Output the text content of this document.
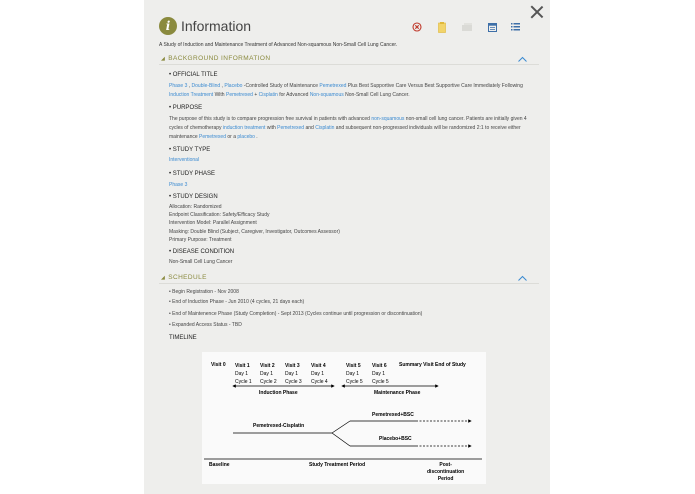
i Information
A Study of Induction and Maintenance Treatment of Advanced Non-squamous Non-Small Cell Lung Cancer.
◢ BACKGROUND INFORMATION
• OFFICIAL TITLE
Phase 3 , Double-Blind , Placebo -Controlled Study of Maintenance Pemetrexed Plus Best Supportive Care Versus Best Supportive Care Immediately Following Induction Treatment With Pemetrexed + Cisplatin for Advanced Non-squamous Non-Small Cell Lung Cancer.
• PURPOSE
The purpose of this study is to compare progression free survival in patients with advanced non-squamous non-small cell lung cancer. Patients are initially given 4 cycles of chemotherapy induction treatment with Pemetrexed and Cisplatin and subsequent non-progressed individuals will be randomized 2:1 to receive either maintenance Pemetrexed or a placebo .
• STUDY TYPE
Interventional
• STUDY PHASE
Phase 3
• STUDY DESIGN
Allocation: Randomized
Endpoint Classification: Safety/Efficacy Study
Intervention Model: Parallel Assignment
Masking: Double Blind (Subject, Caregiver, Investigator, Outcomes Assessor)
Primary Purpose: Treatment
• DISEASE CONDITION
Non-Small Cell Lung Cancer
◢ SCHEDULE
• Begin Registration - Nov 2008
• End of Induction Phase - Jun 2010 (4 cycles, 21 days each)
• End of Maintenence Phase (Study Completion) - Sept 2013 (Cycles continue until progression or discontinuation)
• Expanded Access Status - TBD
TIMELINE
Visit 0 Visit 1
Day 1
Cycle 1
Visit 2
Day 1
Cycle 2
Visit 3
Day 1
Cycle 3
Visit 4
Day 1
Cycle 4
Visit 5
Day 1
Cycle 5
Visit 6
Day 1
Cycle 5
Summary Visit End of Study
Induction Phase	Maintenance Phase
Pemetrexed-Cisplatin
Pemetrexed+BSC
Placebo+BSC
Baseline	Study Treatment Period	Post-
discontinuation
Period
